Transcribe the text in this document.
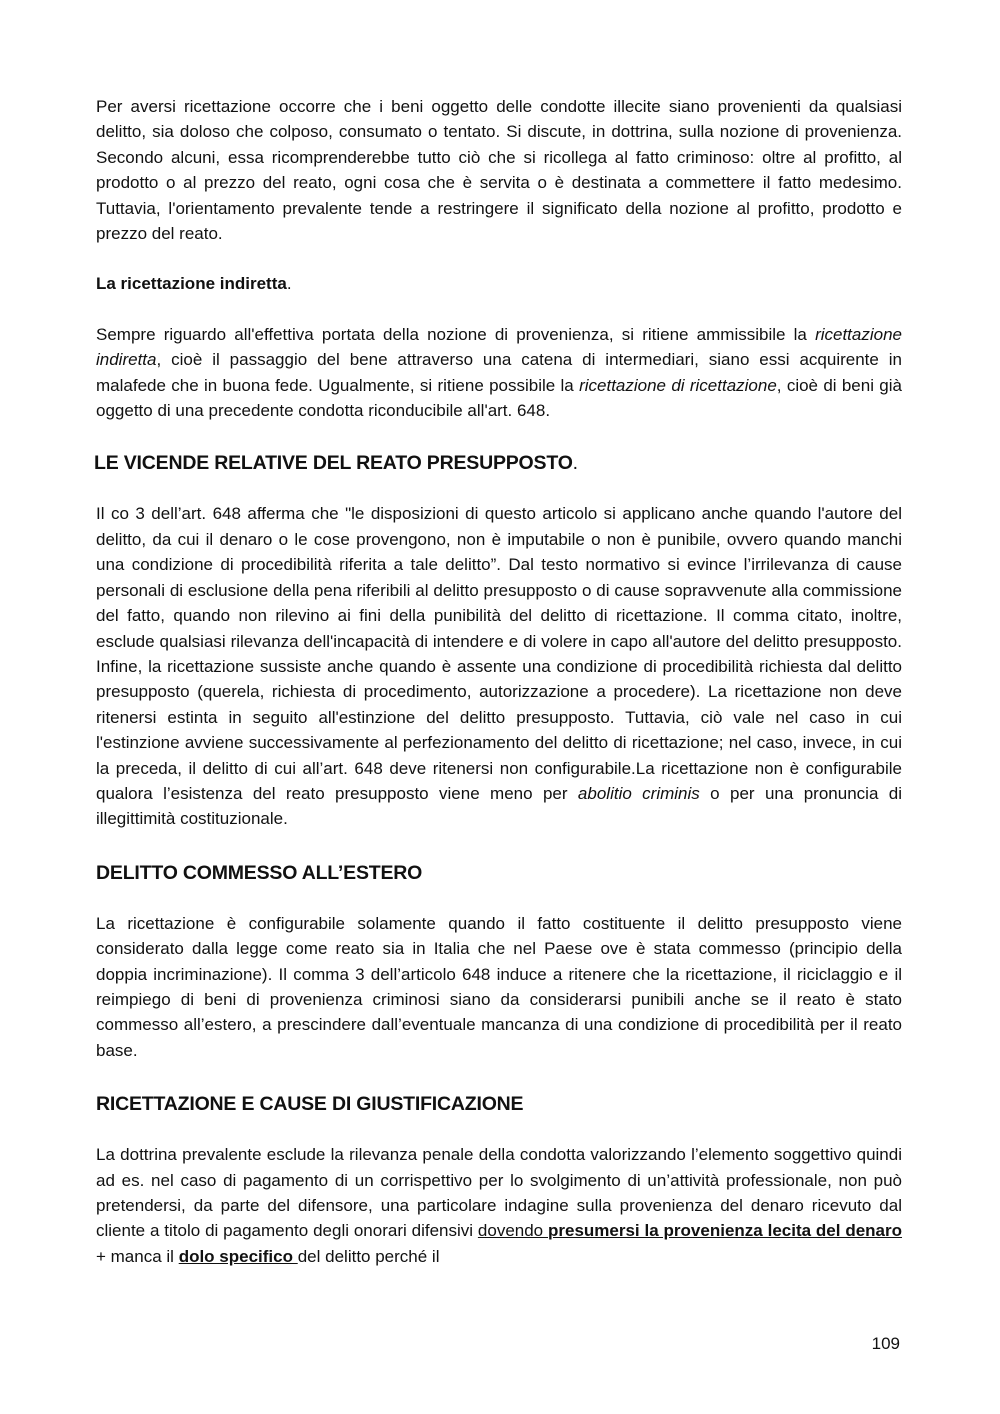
Per aversi ricettazione occorre che i beni oggetto delle condotte illecite siano provenienti da qualsiasi delitto, sia doloso che colposo, consumato o tentato. Si discute, in dottrina, sulla nozione di provenienza. Secondo alcuni, essa ricomprenderebbe tutto ciò che si ricollega al fatto criminoso: oltre al profitto, al prodotto o al prezzo del reato, ogni cosa che è servita o è destinata a commettere il fatto medesimo. Tuttavia, l'orientamento prevalente tende a restringere il significato della nozione al profitto, prodotto e prezzo del reato.

La ricettazione indiretta.

Sempre riguardo all'effettiva portata della nozione di provenienza, si ritiene ammissibile la ricettazione indiretta, cioè il passaggio del bene attraverso una catena di intermediari, siano essi acquirente in malafede che in buona fede. Ugualmente, si ritiene possibile la ricettazione di ricettazione, cioè di beni già oggetto di una precedente condotta riconducibile all'art. 648.

LE VICENDE RELATIVE DEL REATO PRESUPPOSTO.

Il co 3 dell’art. 648 afferma che "le disposizioni di questo articolo si applicano anche quando l'autore del delitto, da cui il denaro o le cose provengono, non è imputabile o non è punibile, ovvero quando manchi una condizione di procedibilità riferita a tale delitto”. Dal testo normativo si evince l’irrilevanza di cause personali di esclusione della pena riferibili al delitto presupposto o di cause sopravvenute alla commissione del fatto, quando non rilevino ai fini della punibilità del delitto di ricettazione. Il comma citato, inoltre, esclude qualsiasi rilevanza dell'incapacità di intendere e di volere in capo all'autore del delitto presupposto. Infine, la ricettazione sussiste anche quando è assente una condizione di procedibilità richiesta dal delitto presupposto (querela, richiesta di procedimento, autorizzazione a procedere). La ricettazione non deve ritenersi estinta in seguito all'estinzione del delitto presupposto. Tuttavia, ciò vale nel caso in cui l'estinzione avviene successivamente al perfezionamento del delitto di ricettazione; nel caso, invece, in cui la preceda, il delitto di cui all’art. 648 deve ritenersi non configurabile.La ricettazione non è configurabile qualora l’esistenza del reato presupposto viene meno per abolitio criminis o per una pronuncia di illegittimità costituzionale.

DELITTO COMMESSO ALL’ESTERO

La ricettazione è configurabile solamente quando il fatto costituente il delitto presupposto viene considerato dalla legge come reato sia in Italia che nel Paese ove è stata commesso (principio della doppia incriminazione). Il comma 3 dell’articolo 648 induce a ritenere che la ricettazione, il riciclaggio e il reimpiego di beni di provenienza criminosi siano da considerarsi punibili anche se il reato è stato commesso all’estero, a prescindere dall’eventuale mancanza di una condizione di procedibilità per il reato base.

RICETTAZIONE E CAUSE DI GIUSTIFICAZIONE

La dottrina prevalente esclude la rilevanza penale della condotta valorizzando l’elemento soggettivo quindi ad es. nel caso di pagamento di un corrispettivo per lo svolgimento di un’attività professionale, non può pretendersi, da parte del difensore, una particolare indagine sulla provenienza del denaro ricevuto dal cliente a titolo di pagamento degli onorari difensivi dovendo presumersi la provenienza lecita del denaro + manca il dolo specifico del delitto perché il

109
